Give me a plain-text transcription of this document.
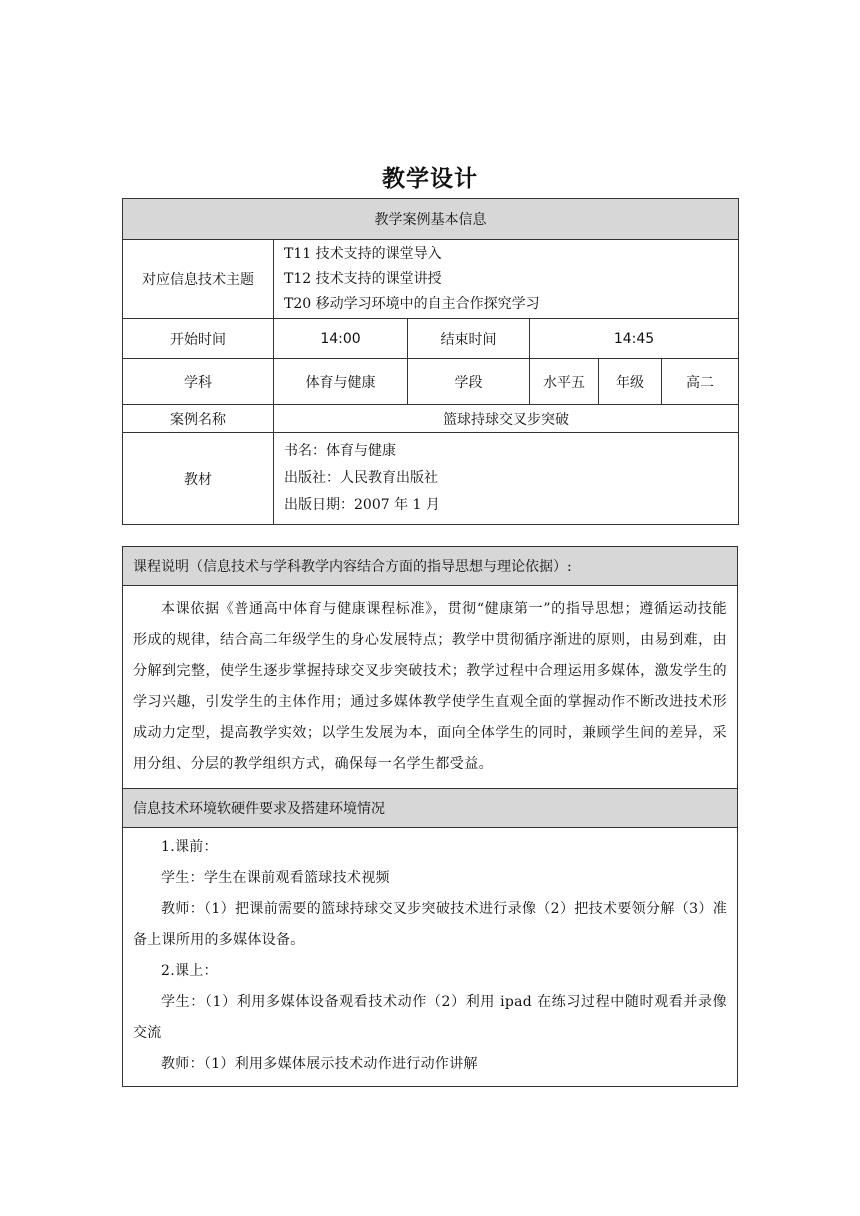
教学设计
教学案例基本信息					
对应信息技术主题	T11 技术支持的课堂导入
T12 技术支持的课堂讲授
T20 移动学习环境中的自主合作探究学习				

开始时间	14:00	结束时间	14:45		
学科	体育与健康	学段	水平五	年级	高二
案例名称	篮球持球交叉步突破				
教材	书名：体育与健康
出版社：人民教育出版社
出版日期：2007 年 1 月				
课程说明（信息技术与学科教学内容结合方面的指导思想与理论依据）:

本课依据《普通高中体育与健康课程标准》，贯彻“健康第一”的指导思想；遵循运动技能形成的规律，结合高二年级学生的身心发展特点；教学中贯彻循序渐进的原则，由易到难，由分解到完整，使学生逐步掌握持球交叉步突破技术；教学过程中合理运用多媒体，激发学生的学习兴趣，引发学生的主体作用；通过多媒体教学使学生直观全面的掌握动作不断改进技术形成动力定型，提高教学实效；以学生发展为本，面向全体学生的同时，兼顾学生间的差异，采用分组、分层的教学组织方式，确保每一名学生都受益。

信息技术环境软硬件要求及搭建环境情况

1.课前：
学生：学生在课前观看篮球技术视频
教师：（1）把课前需要的篮球持球交叉步突破技术进行录像（2）把技术要领分解（3）准备上课所用的多媒体设备。
2.课上：
学生：（1）利用多媒体设备观看技术动作（2）利用 ipad 在练习过程中随时观看并录像交流
教师：（1）利用多媒体展示技术动作进行动作讲解
